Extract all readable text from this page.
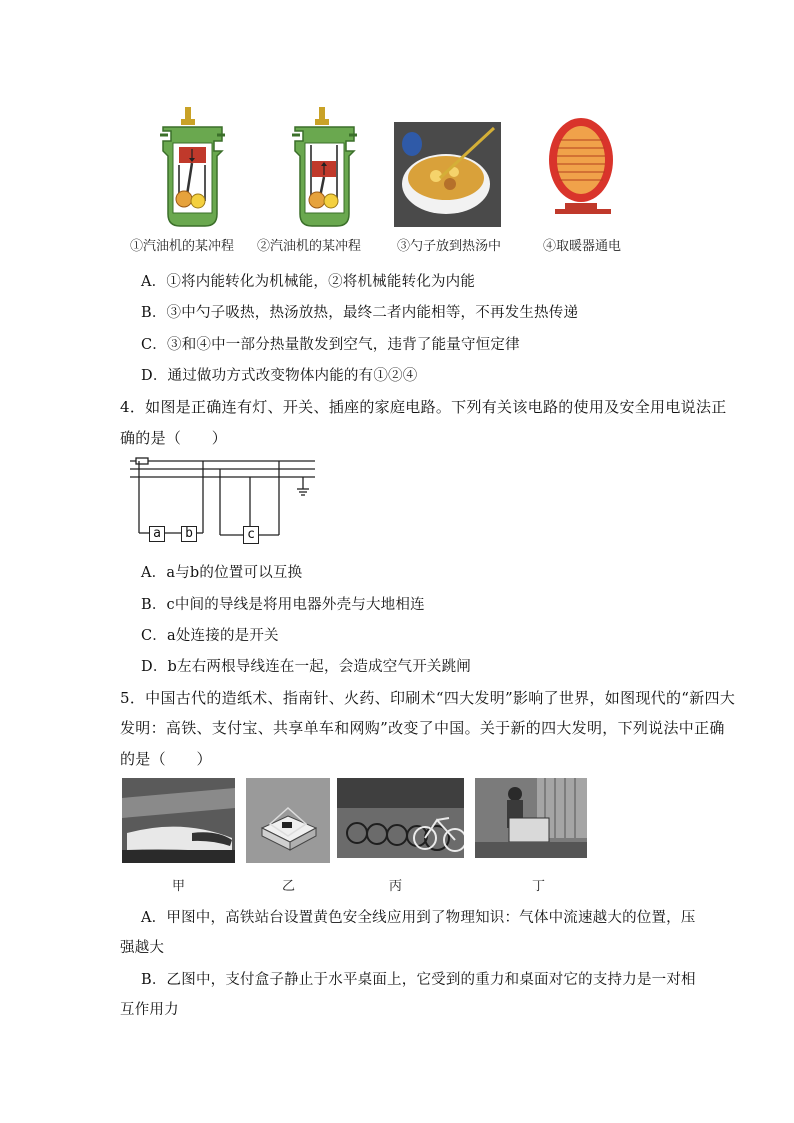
①汽油机的某冲程 ②汽油机的某冲程	③勺子放到热汤中	④取暖器通电
A．①将内能转化为机械能，②将机械能转化为内能
B．③中勺子吸热，热汤放热，最终二者内能相等，不再发生热传递
C．③和④中一部分热量散发到空气，违背了能量守恒定律
D．通过做功方式改变物体内能的有①②④
4．如图是正确连有灯、开关、插座的家庭电路。下列有关该电路的使用及安全用电说法正
确的是（　　）
a	b	c
A．a与b的位置可以互换
B．c中间的导线是将用电器外壳与大地相连
C．a处连接的是开关
D．b左右两根导线连在一起，会造成空气开关跳闸
5．中国古代的造纸术、指南针、火药、印刷术“四大发明”影响了世界，如图现代的“新四大
发明：高铁、支付宝、共享单车和网购”改变了中国。关于新的四大发明，下列说法中正确
的是（　　）
甲	乙	丙	丁
A．甲图中，高铁站台设置黄色安全线应用到了物理知识：气体中流速越大的位置，压
强越大
B．乙图中，支付盒子静止于水平桌面上，它受到的重力和桌面对它的支持力是一对相
互作用力
